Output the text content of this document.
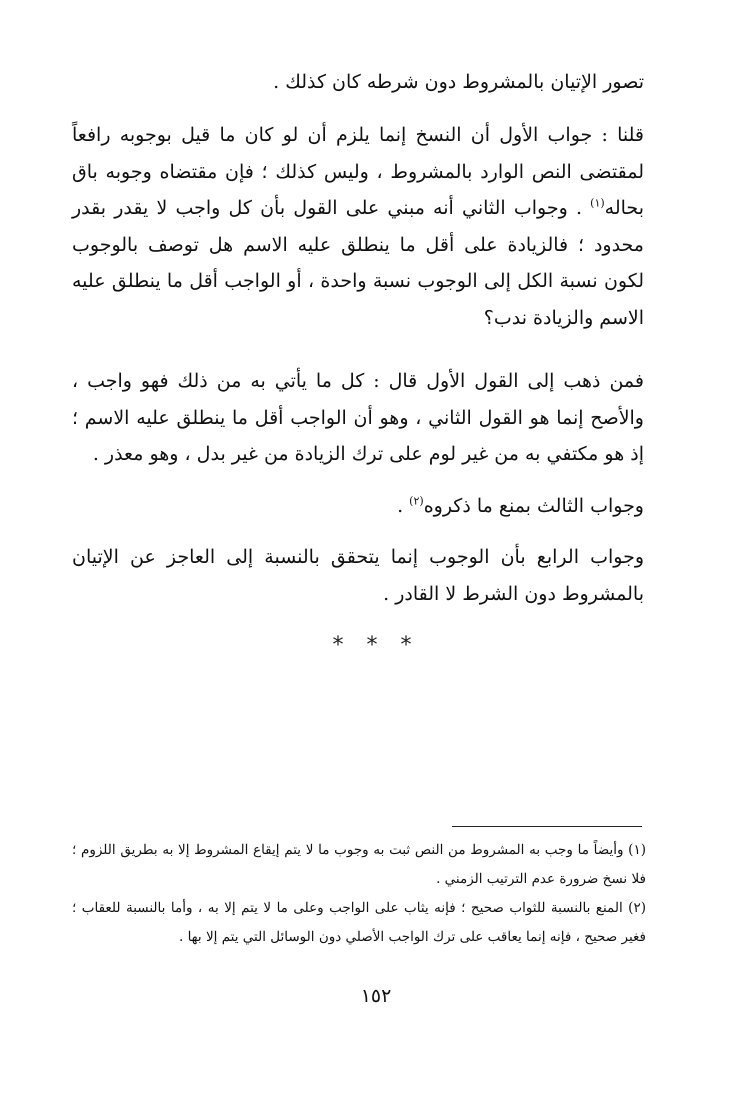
تصور الإتيان بالمشروط دون شرطه كان كذلك .

قلنا : جواب الأول أن النسخ إنما يلزم أن لو كان ما قيل بوجوبه رافعاً لمقتضى النص الوارد بالمشروط ، وليس كذلك ؛ فإن مقتضاه وجوبه باق بحاله$^{(١)}$ . وجواب الثاني أنه مبني على القول بأن كل واجب لا يقدر بقدر محدود ؛ فالزيادة على أقل ما ينطلق عليه الاسم هل توصف بالوجوب لكون نسبة الكل إلى الوجوب نسبة واحدة ، أو الواجب أقل ما ينطلق عليه الاسم والزيادة ندب؟

فمن ذهب إلى القول الأول قال : كل ما يأتي به من ذلك فهو واجب ، والأصح إنما هو القول الثاني ، وهو أن الواجب أقل ما ينطلق عليه الاسم ؛ إذ هو مكتفي به من غير لوم على ترك الزيادة من غير بدل ، وهو معذر .

وجواب الثالث بمنع ما ذكروه$^{(٢)}$ .

وجواب الرابع بأن الوجوب إنما يتحقق بالنسبة إلى العاجز عن الإتيان بالمشروط دون الشرط لا القادر .

* * *

(١) وأيضاً ما وجب به المشروط من النص ثبت به وجوب ما لا يتم إيقاع المشروط إلا به بطريق اللزوم ؛ فلا نسخ ضرورة عدم الترتيب الزمني .

(٢) المنع بالنسبة للثواب صحيح ؛ فإنه يثاب على الواجب وعلى ما لا يتم إلا به ، وأما بالنسبة للعقاب ؛ فغير صحيح ، فإنه إنما يعاقب على ترك الواجب الأصلي دون الوسائل التي يتم إلا بها .

١٥٢
